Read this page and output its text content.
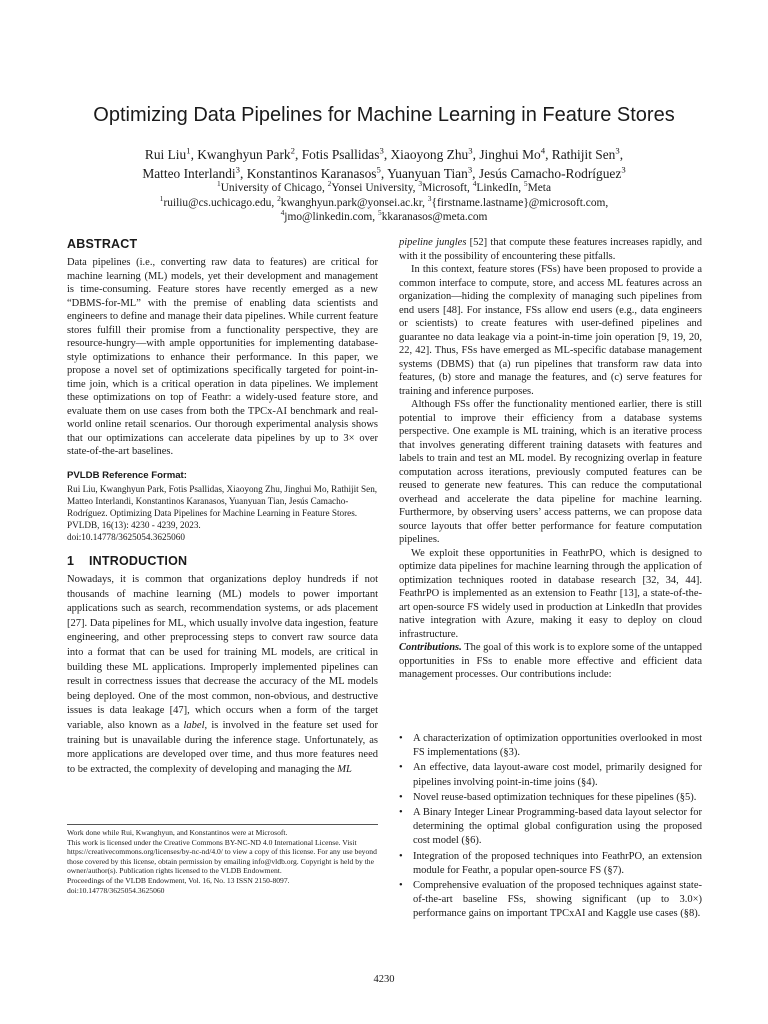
Optimizing Data Pipelines for Machine Learning in Feature Stores
Rui Liu$^1$, Kwanghyun Park$^2$, Fotis Psallidas$^3$, Xiaoyong Zhu$^3$, Jinghui Mo$^4$, Rathijit Sen$^3$,
Matteo Interlandi$^3$, Konstantinos Karanasos$^5$, Yuanyuan Tian$^3$, Jesús Camacho-Rodríguez$^3$
$^1$University of Chicago, $^2$Yonsei University, $^3$Microsoft, $^4$LinkedIn, $^5$Meta
$^1$ruiliu@cs.uchicago.edu, $^2$kwanghyun.park@yonsei.ac.kr, $^3${firstname.lastname}@microsoft.com,
$^4$jmo@linkedin.com, $^5$kkaranasos@meta.com
ABSTRACT

Data pipelines (i.e., converting raw data to features) are critical for machine learning (ML) models, yet their development and management is time-consuming. Feature stores have recently emerged as a new “DBMS-for-ML” with the premise of enabling data scientists and engineers to define and manage their data pipelines. While current feature stores fulfill their promise from a functionality perspective, they are resource-hungry—with ample opportunities for implementing database-style optimizations to enhance their performance. In this paper, we propose a novel set of optimizations specifically targeted for point-in-time join, which is a critical operation in data pipelines. We implement these optimizations on top of Feathr: a widely-used feature store, and evaluate them on use cases from both the TPCx-AI benchmark and real-world online retail scenarios. Our thorough experimental analysis shows that our optimizations can accelerate data pipelines by up to 3× over state-of-the-art baselines.

PVLDB Reference Format:

Rui Liu, Kwanghyun Park, Fotis Psallidas, Xiaoyong Zhu, Jinghui Mo, Rathijit Sen, Matteo Interlandi, Konstantinos Karanasos, Yuanyuan Tian, Jesús Camacho-Rodríguez. Optimizing Data Pipelines for Machine Learning in Feature Stores. PVLDB, 16(13): 4230 - 4239, 2023.
doi:10.14778/3625054.3625060

1 INTRODUCTION

Nowadays, it is common that organizations deploy hundreds if not thousands of machine learning (ML) models to power important applications such as search, recommendation systems, or ads placement [27]. Data pipelines for ML, which usually involve data ingestion, feature engineering, and other preprocessing steps to convert raw source data into a format that can be used for training ML models, are critical in building these ML applications. Improperly implemented pipelines can result in correctness issues that decrease the accuracy of the ML models being deployed. One of the most common, non-obvious, and destructive issues is data leakage [47], which occurs when a form of the target variable, also known as a label, is involved in the feature set used for training but is unavailable during the inference stage. Unfortunately, as more applications are developed over time, and thus more features need to be extracted, the complexity of developing and managing the ML

Work done while Rui, Kwanghyun, and Konstantinos were at Microsoft.

This work is licensed under the Creative Commons BY-NC-ND 4.0 International License. Visit https://creativecommons.org/licenses/by-nc-nd/4.0/ to view a copy of this license. For any use beyond those covered by this license, obtain permission by emailing info@vldb.org. Copyright is held by the owner/author(s). Publication rights licensed to the VLDB Endowment.

Proceedings of the VLDB Endowment, Vol. 16, No. 13 ISSN 2150-8097.

doi:10.14778/3625054.3625060

pipeline jungles [52] that compute these features increases rapidly, and with it the possibility of encountering these pitfalls.

In this context, feature stores (FSs) have been proposed to provide a common interface to compute, store, and access ML features across an organization—hiding the complexity of managing such pipelines from end users [48]. For instance, FSs allow end users (e.g., data engineers or scientists) to create features with user-defined pipelines and guarantee no data leakage via a point-in-time join operation [9, 19, 20, 22, 42]. Thus, FSs have emerged as ML-specific database management systems (DBMS) that (a) run pipelines that transform raw data into features, (b) store and manage the features, and (c) serve features for training and inference purposes.

Although FSs offer the functionality mentioned earlier, there is still potential to improve their efficiency from a database systems perspective. One example is ML training, which is an iterative process that involves generating different training datasets with features and labels to train and test an ML model. By recognizing overlap in feature computation across iterations, previously computed features can be reused to generate new features. This can reduce the computational overhead and accelerate the data pipeline for machine learning. Furthermore, by observing users’ access patterns, we can propose data source layouts that offer better performance for feature computation pipelines.

We exploit these opportunities in FeathrPO, which is designed to optimize data pipelines for machine learning through the application of optimization techniques rooted in database research [32, 34, 44]. FeathrPO is implemented as an extension to Feathr [13], a state-of-the-art open-source FS widely used in production at LinkedIn that provides native integration with Azure, making it easy to deploy on cloud infrastructure.

Contributions. The goal of this work is to explore some of the untapped opportunities in FSs to enable more effective and efficient data management processes. Our contributions include:

• A characterization of optimization opportunities overlooked in most FS implementations (§3).
• An effective, data layout-aware cost model, primarily designed for pipelines involving point-in-time joins (§4).
• Novel reuse-based optimization techniques for these pipelines (§5).
• A Binary Integer Linear Programming-based data layout selector for determining the optimal global configuration using the proposed cost model (§6).
• Integration of the proposed techniques into FeathrPO, an extension module for Feathr, a popular open-source FS (§7).
• Comprehensive evaluation of the proposed techniques against state-of-the-art baseline FSs, showing significant (up to 3.0×) performance gains on important TPCxAI and Kaggle use cases (§8).
4230
